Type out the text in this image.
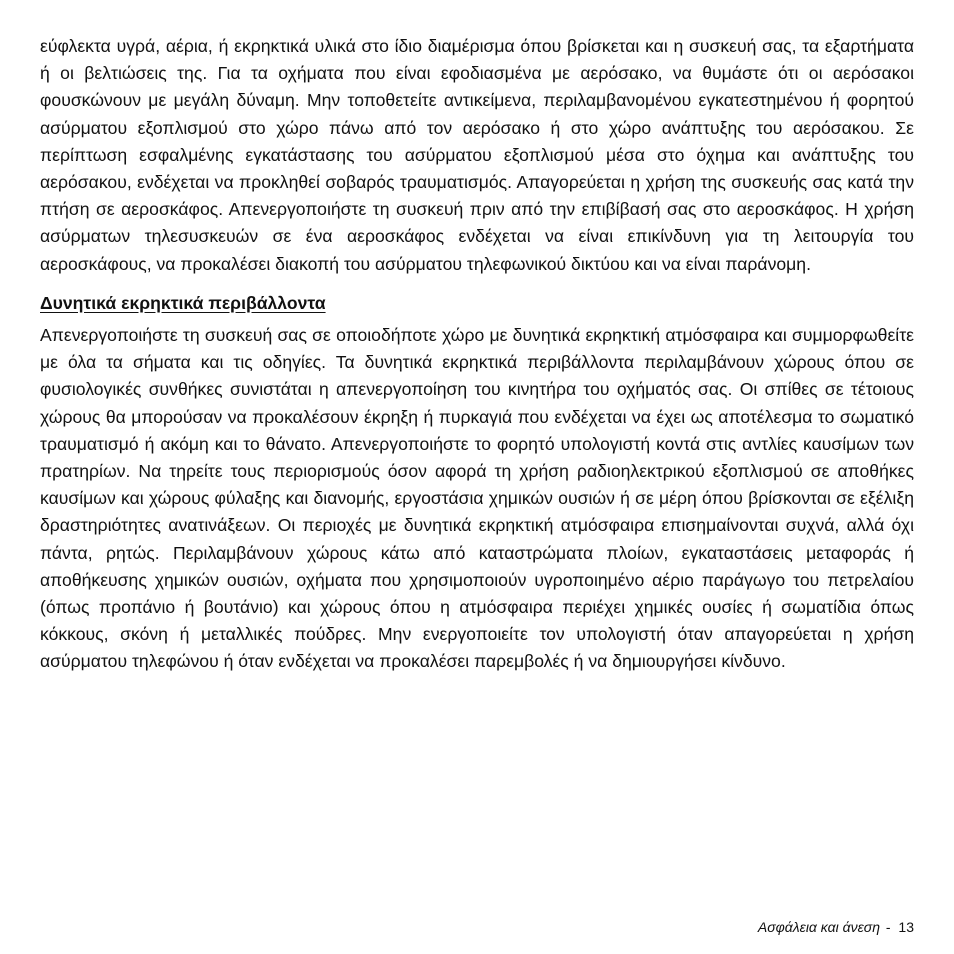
εύφλεκτα υγρά, αέρια, ή εκρηκτικά υλικά στο ίδιο διαμέρισμα όπου βρίσκεται και η συσκευή σας, τα εξαρτήματα ή οι βελτιώσεις της. Για τα οχήματα που είναι εφοδιασμένα με αερόσακο, να θυμάστε ότι οι αερόσακοι φουσκώνουν με μεγάλη δύναμη. Μην τοποθετείτε αντικείμενα, περιλαμβανομένου εγκατεστημένου ή φορητού ασύρματου εξοπλισμού στο χώρο πάνω από τον αερόσακο ή στο χώρο ανάπτυξης του αερόσακου. Σε περίπτωση εσφαλμένης εγκατάστασης του ασύρματου εξοπλισμού μέσα στο όχημα και ανάπτυξης του αερόσακου, ενδέχεται να προκληθεί σοβαρός τραυματισμός. Απαγορεύεται η χρήση της συσκευής σας κατά την πτήση σε αεροσκάφος. Απενεργοποιήστε τη συσκευή πριν από την επιβίβασή σας στο αεροσκάφος. Η χρήση ασύρματων τηλεσυσκευών σε ένα αεροσκάφος ενδέχεται να είναι επικίνδυνη για τη λειτουργία του αεροσκάφους, να προκαλέσει διακοπή του ασύρματου τηλεφωνικού δικτύου και να είναι παράνομη.

Δυνητικά εκρηκτικά περιβάλλοντα

Απενεργοποιήστε τη συσκευή σας σε οποιοδήποτε χώρο με δυνητικά εκρηκτική ατμόσφαιρα και συμμορφωθείτε με όλα τα σήματα και τις οδηγίες. Τα δυνητικά εκρηκτικά περιβάλλοντα περιλαμβάνουν χώρους όπου σε φυσιολογικές συνθήκες συνιστάται η απενεργοποίηση του κινητήρα του οχήματός σας. Οι σπίθες σε τέτοιους χώρους θα μπορούσαν να προκαλέσουν έκρηξη ή πυρκαγιά που ενδέχεται να έχει ως αποτέλεσμα το σωματικό τραυματισμό ή ακόμη και το θάνατο. Απενεργοποιήστε το φορητό υπολογιστή κοντά στις αντλίες καυσίμων των πρατηρίων. Να τηρείτε τους περιορισμούς όσον αφορά τη χρήση ραδιοηλεκτρικού εξοπλισμού σε αποθήκες καυσίμων και χώρους φύλαξης και διανομής, εργοστάσια χημικών ουσιών ή σε μέρη όπου βρίσκονται σε εξέλιξη δραστηριότητες ανατινάξεων. Οι περιοχές με δυνητικά εκρηκτική ατμόσφαιρα επισημαίνονται συχνά, αλλά όχι πάντα, ρητώς. Περιλαμβάνουν χώρους κάτω από καταστρώματα πλοίων, εγκαταστάσεις μεταφοράς ή αποθήκευσης χημικών ουσιών, οχήματα που χρησιμοποιούν υγροποιημένο αέριο παράγωγο του πετρελαίου (όπως προπάνιο ή βουτάνιο) και χώρους όπου η ατμόσφαιρα περιέχει χημικές ουσίες ή σωματίδια όπως κόκκους, σκόνη ή μεταλλικές πούδρες. Μην ενεργοποιείτε τον υπολογιστή όταν απαγορεύεται η χρήση ασύρματου τηλεφώνου ή όταν ενδέχεται να προκαλέσει παρεμβολές ή να δημιουργήσει κίνδυνο.

Ασφάλεια και άνεση - 13
